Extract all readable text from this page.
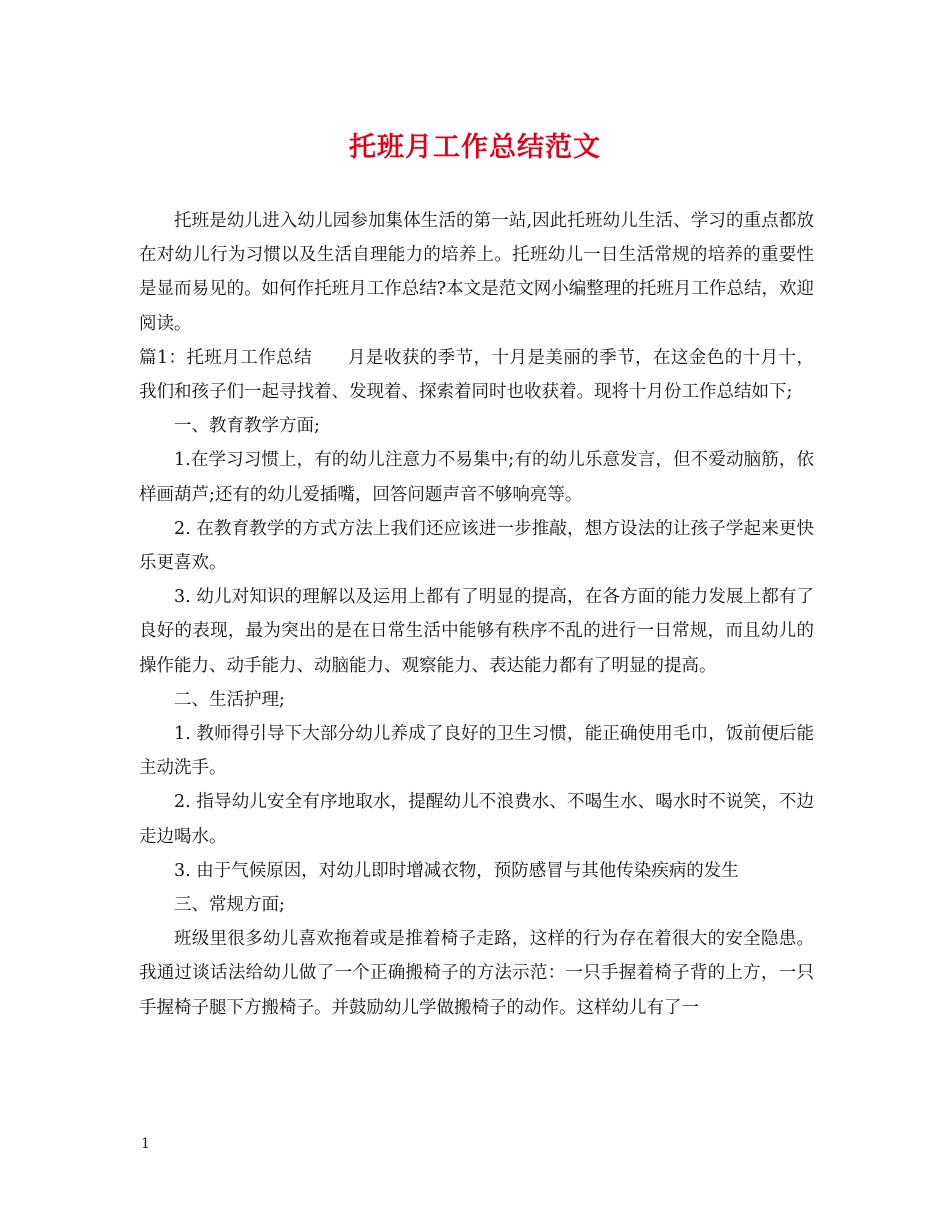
托班月工作总结范文

托班是幼儿进入幼儿园参加集体生活的第一站,因此托班幼儿生活、学习的重点都放在对幼儿行为习惯以及生活自理能力的培养上。托班幼儿一日生活常规的培养的重要性是显而易见的。如何作托班月工作总结?本文是范文网小编整理的托班月工作总结，欢迎阅读。

篇1：托班月工作总结　　月是收获的季节，十月是美丽的季节，在这金色的十月十，我们和孩子们一起寻找着、发现着、探索着同时也收获着。现将十月份工作总结如下;

一、教育教学方面;

1.在学习习惯上，有的幼儿注意力不易集中;有的幼儿乐意发言，但不爱动脑筋，依样画葫芦;还有的幼儿爱插嘴，回答问题声音不够响亮等。

2. 在教育教学的方式方法上我们还应该进一步推敲，想方设法的让孩子学起来更快乐更喜欢。

3. 幼儿对知识的理解以及运用上都有了明显的提高，在各方面的能力发展上都有了良好的表现，最为突出的是在日常生活中能够有秩序不乱的进行一日常规，而且幼儿的操作能力、动手能力、动脑能力、观察能力、表达能力都有了明显的提高。

二、生活护理;

1. 教师得引导下大部分幼儿养成了良好的卫生习惯，能正确使用毛巾，饭前便后能主动洗手。

2. 指导幼儿安全有序地取水，提醒幼儿不浪费水、不喝生水、喝水时不说笑，不边走边喝水。

3. 由于气候原因，对幼儿即时增减衣物，预防感冒与其他传染疾病的发生

三、常规方面;

班级里很多幼儿喜欢拖着或是推着椅子走路，这样的行为存在着很大的安全隐患。我通过谈话法给幼儿做了一个正确搬椅子的方法示范：一只手握着椅子背的上方，一只手握椅子腿下方搬椅子。并鼓励幼儿学做搬椅子的动作。这样幼儿有了一

1
